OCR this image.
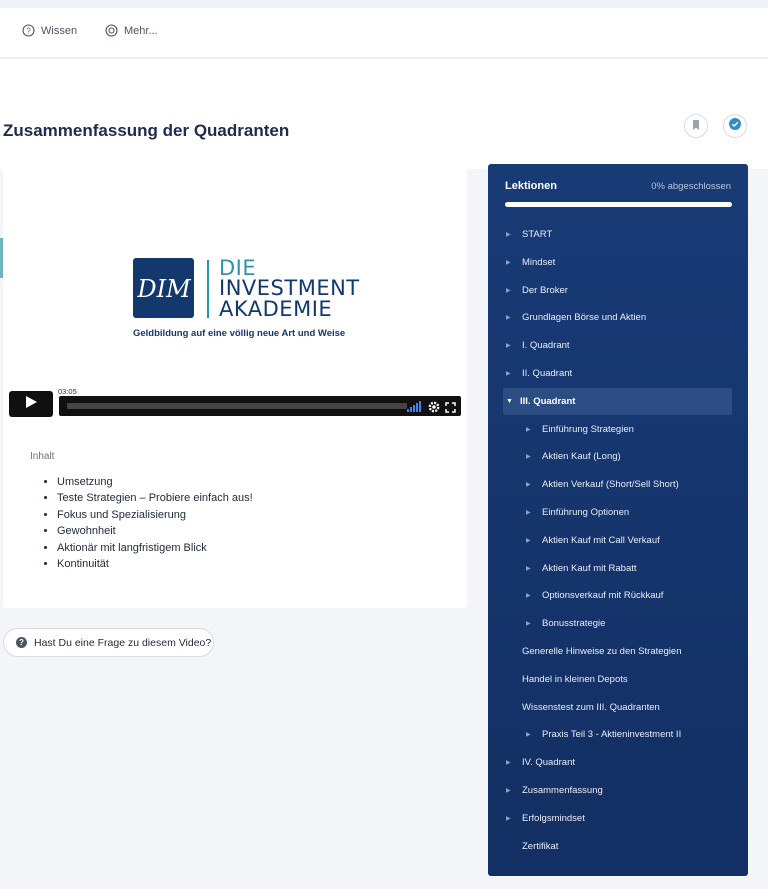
? Wissen	Mehr...
Zusammenfassung der Quadranten
DIM
DIE
INVESTMENT
AKADEMIE
Geldbildung auf eine völlig neue Art und Weise
03:05
Inhalt
• Umsetzung
• Teste Strategien – Probiere einfach aus!
• Fokus und Spezialisierung
• Gewohnheit
• Aktionär mit langfristigem Blick
• Kontinuität
? Hast Du eine Frage zu diesem Video?
Lektionen	0% abgeschlossen
▶	START
▶	Mindset
▶	Der Broker
▶	Grundlagen Börse und Aktien
▶	I. Quadrant
▶	II. Quadrant
▼ III. Quadrant
▶	Einführung Strategien
▶	Aktien Kauf (Long)
▶	Aktien Verkauf (Short/Sell Short)
▶	Einführung Optionen
▶	Aktien Kauf mit Call Verkauf
▶	Aktien Kauf mit Rabatt
▶	Optionsverkauf mit Rückkauf
▶	Bonusstrategie
Generelle Hinweise zu den Strategien
Handel in kleinen Depots
Wissenstest zum III. Quadranten
▶	Praxis Teil 3 - Aktieninvestment II
▶	IV. Quadrant
▶	Zusammenfassung
▶	Erfolgsmindset
Zertifikat
